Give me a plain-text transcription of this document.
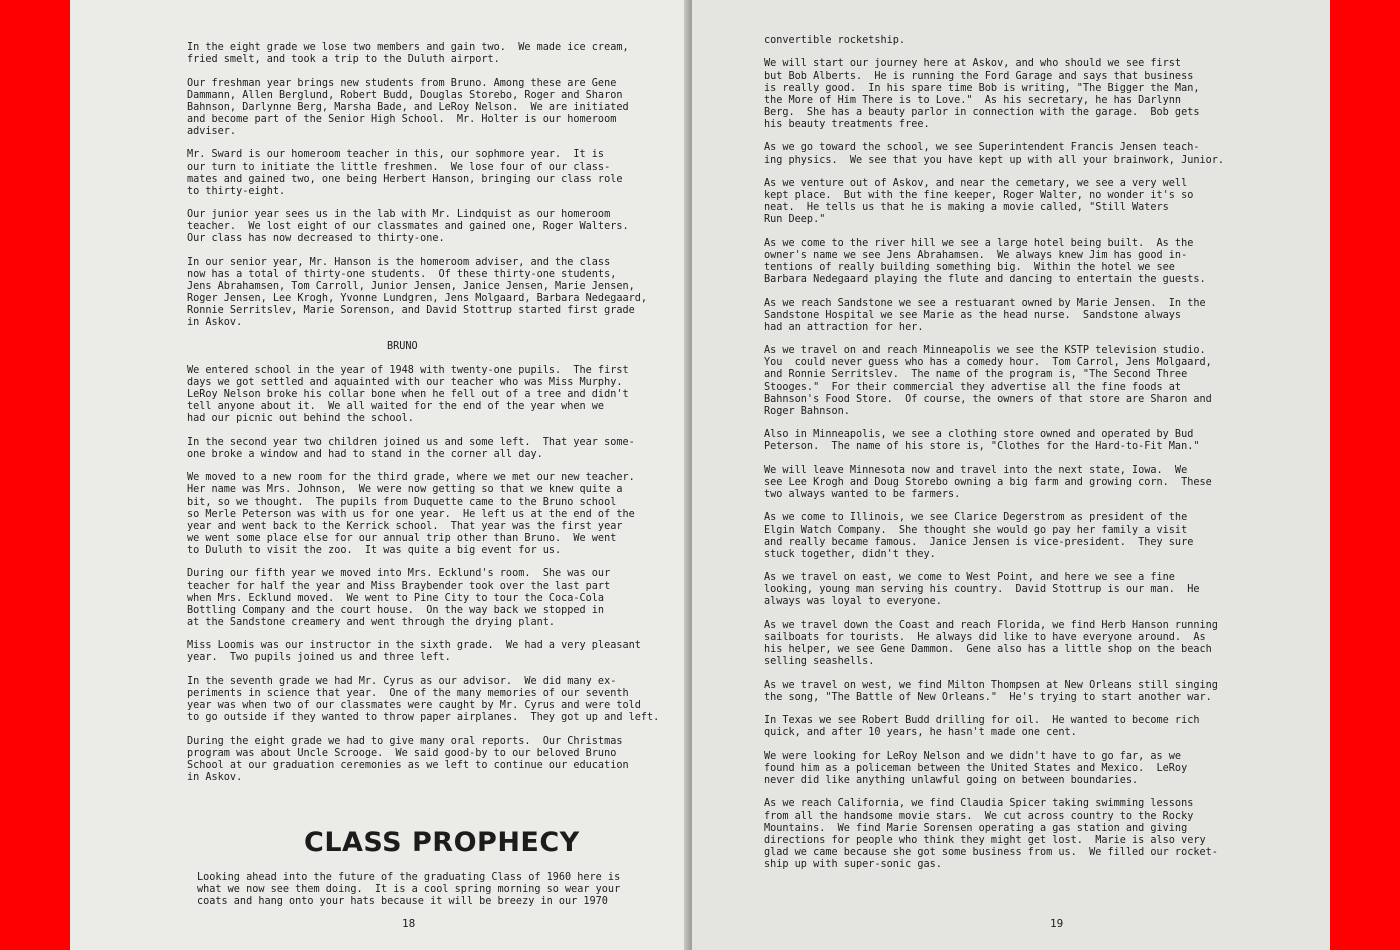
In the eight grade we lose two members and gain two.  We made ice cream,
fried smelt, and took a trip to the Duluth airport.

Our freshman year brings new students from Bruno. Among these are Gene
Dammann, Allen Berglund, Robert Budd, Douglas Storebo, Roger and Sharon
Bahnson, Darlynne Berg, Marsha Bade, and LeRoy Nelson.  We are initiated
and become part of the Senior High School.  Mr. Holter is our homeroom
adviser.

Mr. Sward is our homeroom teacher in this, our sophmore year.  It is
our turn to initiate the little freshmen.  We lose four of our class-
mates and gained two, one being Herbert Hanson, bringing our class role
to thirty-eight.

Our junior year sees us in the lab with Mr. Lindquist as our homeroom
teacher.  We lost eight of our classmates and gained one, Roger Walters.
Our class has now decreased to thirty-one.

In our senior year, Mr. Hanson is the homeroom adviser, and the class
now has a total of thirty-one students.  Of these thirty-one students,
Jens Abrahamsen, Tom Carroll, Junior Jensen, Janice Jensen, Marie Jensen,
Roger Jensen, Lee Krogh, Yvonne Lundgren, Jens Molgaard, Barbara Nedegaard,
Ronnie Serritslev, Marie Sorenson, and David Stottrup started first grade
in Askov.

BRUNO

We entered school in the year of 1948 with twenty-one pupils.  The first
days we got settled and aquainted with our teacher who was Miss Murphy.
LeRoy Nelson broke his collar bone when he fell out of a tree and didn't
tell anyone about it.  We all waited for the end of the year when we
had our picnic out behind the school.

In the second year two children joined us and some left.  That year some-
one broke a window and had to stand in the corner all day.

We moved to a new room for the third grade, where we met our new teacher.
Her name was Mrs. Johnson,  We were now getting so that we knew quite a
bit, so we thought.  The pupils from Duquette came to the Bruno school
so Merle Peterson was with us for one year.  He left us at the end of the
year and went back to the Kerrick school.  That year was the first year
we went some place else for our annual trip other than Bruno.  We went
to Duluth to visit the zoo.  It was quite a big event for us.

During our fifth year we moved into Mrs. Ecklund's room.  She was our
teacher for half the year and Miss Braybender took over the last part
when Mrs. Ecklund moved.  We went to Pine City to tour the Coca-Cola
Bottling Company and the court house.  On the way back we stopped in
at the Sandstone creamery and went through the drying plant.

Miss Loomis was our instructor in the sixth grade.  We had a very pleasant
year.  Two pupils joined us and three left.

In the seventh grade we had Mr. Cyrus as our advisor.  We did many ex-
periments in science that year.  One of the many memories of our seventh
year was when two of our classmates were caught by Mr. Cyrus and were told
to go outside if they wanted to throw paper airplanes.  They got up and left.

During the eight grade we had to give many oral reports.  Our Christmas
program was about Uncle Scrooge.  We said good-by to our beloved Bruno
School at our graduation ceremonies as we left to continue our education
in Askov.

CLASS PROPHECY

Looking ahead into the future of the graduating Class of 1960 here is
what we now see them doing.  It is a cool spring morning so wear your
coats and hang onto your hats because it will be breezy in our 1970

18

convertible rocketship.

We will start our journey here at Askov, and who should we see first
but Bob Alberts.  He is running the Ford Garage and says that business
is really good.  In his spare time Bob is writing, "The Bigger the Man,
the More of Him There is to Love."  As his secretary, he has Darlynn
Berg.  She has a beauty parlor in connection with the garage.  Bob gets
his beauty treatments free.

As we go toward the school, we see Superintendent Francis Jensen teach-
ing physics.  We see that you have kept up with all your brainwork, Junior.

As we venture out of Askov, and near the cemetary, we see a very well
kept place.  But with the fine keeper, Roger Walter, no wonder it's so
neat.  He tells us that he is making a movie called, "Still Waters
Run Deep."

As we come to the river hill we see a large hotel being built.  As the
owner's name we see Jens Abrahamsen.  We always knew Jim has good in-
tentions of really building something big.  Within the hotel we see
Barbara Nedegaard playing the flute and dancing to entertain the guests.

As we reach Sandstone we see a restuarant owned by Marie Jensen.  In the
Sandstone Hospital we see Marie as the head nurse.  Sandstone always
had an attraction for her.

As we travel on and reach Minneapolis we see the KSTP television studio.
You  could never guess who has a comedy hour.  Tom Carrol, Jens Molgaard,
and Ronnie Serritslev.  The name of the program is, "The Second Three
Stooges."  For their commercial they advertise all the fine foods at
Bahnson's Food Store.  Of course, the owners of that store are Sharon and
Roger Bahnson.

Also in Minneapolis, we see a clothing store owned and operated by Bud
Peterson.  The name of his store is, "Clothes for the Hard-to-Fit Man."

We will leave Minnesota now and travel into the next state, Iowa.  We
see Lee Krogh and Doug Storebo owning a big farm and growing corn.  These
two always wanted to be farmers.

As we come to Illinois, we see Clarice Degerstrom as president of the
Elgin Watch Company.  She thought she would go pay her family a visit
and really became famous.  Janice Jensen is vice-president.  They sure
stuck together, didn't they.

As we travel on east, we come to West Point, and here we see a fine
looking, young man serving his country.  David Stottrup is our man.  He
always was loyal to everyone.

As we travel down the Coast and reach Florida, we find Herb Hanson running
sailboats for tourists.  He always did like to have everyone around.  As
his helper, we see Gene Dammon.  Gene also has a little shop on the beach
selling seashells.

As we travel on west, we find Milton Thompsen at New Orleans still singing
the song, "The Battle of New Orleans."  He's trying to start another war.

In Texas we see Robert Budd drilling for oil.  He wanted to become rich
quick, and after 10 years, he hasn't made one cent.

We were looking for LeRoy Nelson and we didn't have to go far, as we
found him as a policeman between the United States and Mexico.  LeRoy
never did like anything unlawful going on between boundaries.

As we reach California, we find Claudia Spicer taking swimming lessons
from all the handsome movie stars.  We cut across country to the Rocky
Mountains.  We find Marie Sorensen operating a gas station and giving
directions for people who think they might get lost.  Marie is also very
glad we came because she got some business from us.  We filled our rocket-
ship up with super-sonic gas.

19
